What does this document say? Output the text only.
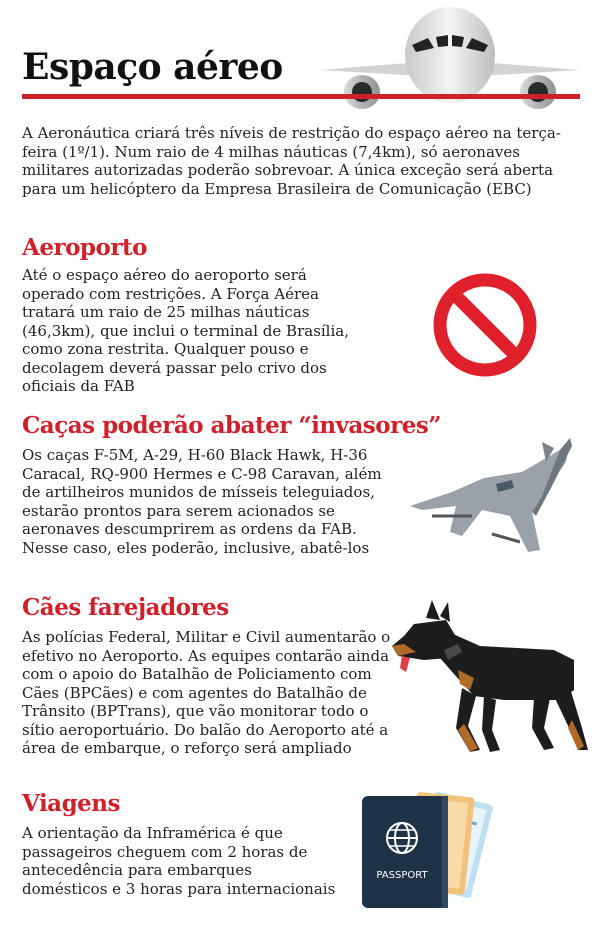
Espaço aéreo

A Aeronáutica criará três níveis de restrição do espaço aéreo na terça-feira (1º/1). Num raio de 4 milhas náuticas (7,4km), só aeronaves militares autorizadas poderão sobrevoar. A única exceção será aberta para um helicóptero da Empresa Brasileira de Comunicação (EBC)

Aeroporto

Até o espaço aéreo do aeroporto será operado com restrições. A Força Aérea tratará um raio de 25 milhas náuticas (46,3km), que inclui o terminal de Brasília, como zona restrita. Qualquer pouso e decolagem deverá passar pelo crivo dos oficiais da FAB

Caças poderão abater “invasores”

Os caças F-5M, A-29, H-60 Black Hawk, H-36 Caracal, RQ-900 Hermes e C-98 Caravan, além de artilheiros munidos de mísseis teleguiados, estarão prontos para serem acionados se aeronaves descumprirem as ordens da FAB. Nesse caso, eles poderão, inclusive, abatê-los

Cães farejadores

As polícias Federal, Militar e Civil aumentarão o efetivo no Aeroporto. As equipes contarão ainda com o apoio do Batalhão de Policiamento com Cães (BPCães) e com agentes do Batalhão de Trânsito (BPTrans), que vão monitorar todo o sítio aeroportuário. Do balão do Aeroporto até a área de embarque, o reforço será ampliado

Viagens

A orientação da Inframérica é que passageiros cheguem com 2 horas de antecedência para embarques domésticos e 3 horas para internacionais

PASSPORT
